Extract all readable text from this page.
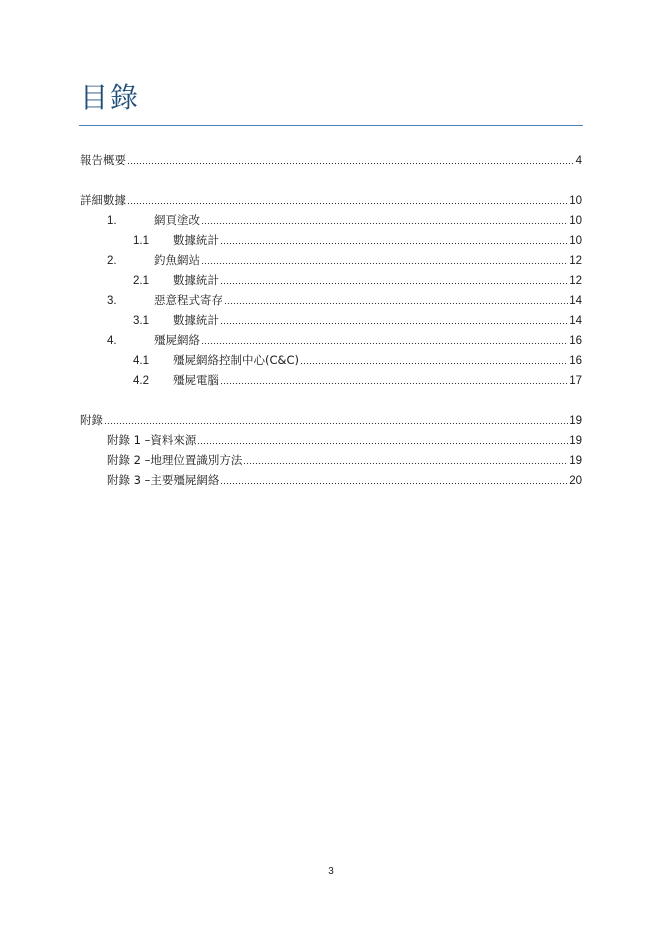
目錄
報告概要	4
詳細數據	10
1.	網頁塗改	10
1.1	數據統計	10
2.	釣魚網站	12
2.1	數據統計	12
3.	惡意程式寄存	14
3.1	數據統計	14
4.	殭屍網絡	16
4.1	殭屍網絡控制中心(C&C)	16
4.2	殭屍電腦	17
附錄	19
附錄 1 –資料來源	19
附錄 2 –地理位置識別方法	19
附錄 3 –主要殭屍網絡	20
3
